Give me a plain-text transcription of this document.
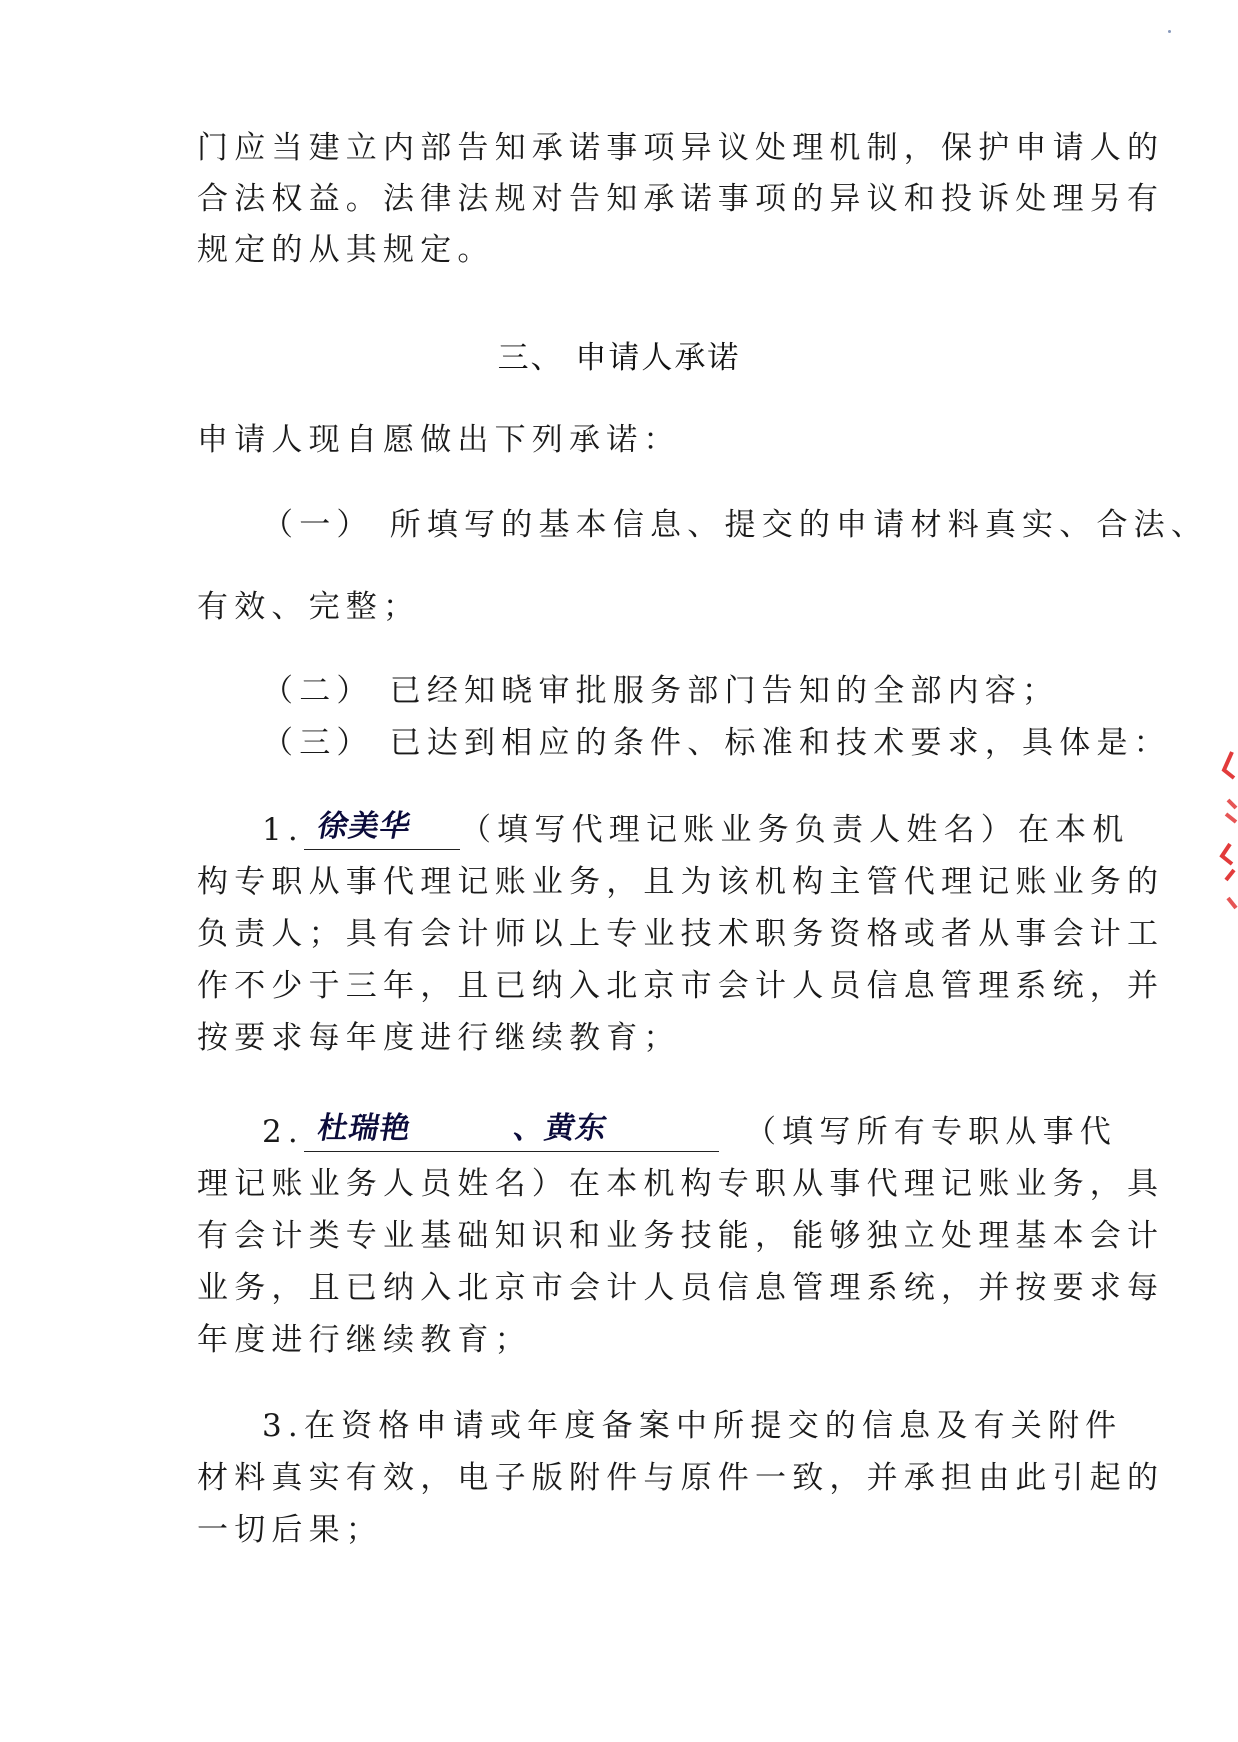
门应当建立内部告知承诺事项异议处理机制，保护申请人的
合法权益。法律法规对告知承诺事项的异议和投诉处理另有
规定的从其规定。
三、 申请人承诺
申请人现自愿做出下列承诺：
（一） 所填写的基本信息、提交的申请材料真实、合法、
有效、完整；
（二） 已经知晓审批服务部门告知的全部内容；
（三） 已达到相应的条件、标准和技术要求，具体是：
1. 徐美华 （填写代理记账业务负责人姓名）在本机
构专职从事代理记账业务，且为该机构主管代理记账业务的
负责人；具有会计师以上专业技术职务资格或者从事会计工
作不少于三年，且已纳入北京市会计人员信息管理系统，并
按要求每年度进行继续教育；
2. 杜瑞艳	、黄东	（填写所有专职从事代
理记账业务人员姓名）在本机构专职从事代理记账业务，具
有会计类专业基础知识和业务技能，能够独立处理基本会计
业务，且已纳入北京市会计人员信息管理系统，并按要求每
年度进行继续教育；
3.在资格申请或年度备案中所提交的信息及有关附件
材料真实有效，电子版附件与原件一致，并承担由此引起的
一切后果；
